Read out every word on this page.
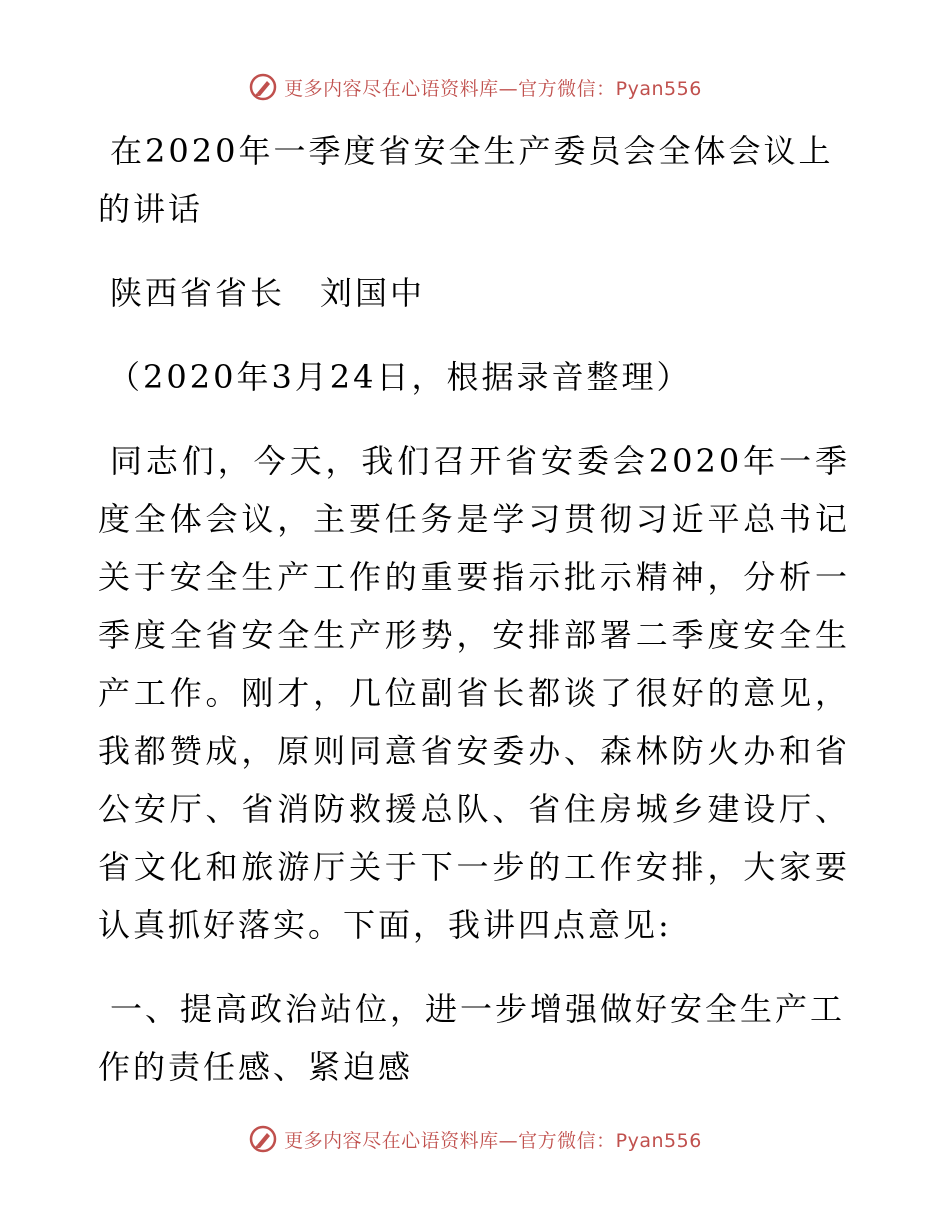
更多内容尽在心语资料库—官方微信：Pyan556

在2020年一季度省安全生产委员会全体会议上的讲话

陕西省省长　刘国中

（2020年3月24日，根据录音整理）

同志们，今天，我们召开省安委会2020年一季度全体会议，主要任务是学习贯彻习近平总书记关于安全生产工作的重要指示批示精神，分析一季度全省安全生产形势，安排部署二季度安全生产工作。刚才，几位副省长都谈了很好的意见，我都赞成，原则同意省安委办、森林防火办和省公安厅、省消防救援总队、省住房城乡建设厅、省文化和旅游厅关于下一步的工作安排，大家要认真抓好落实。下面，我讲四点意见:

一、提高政治站位，进一步增强做好安全生产工作的责任感、紧迫感

更多内容尽在心语资料库—官方微信：Pyan556
